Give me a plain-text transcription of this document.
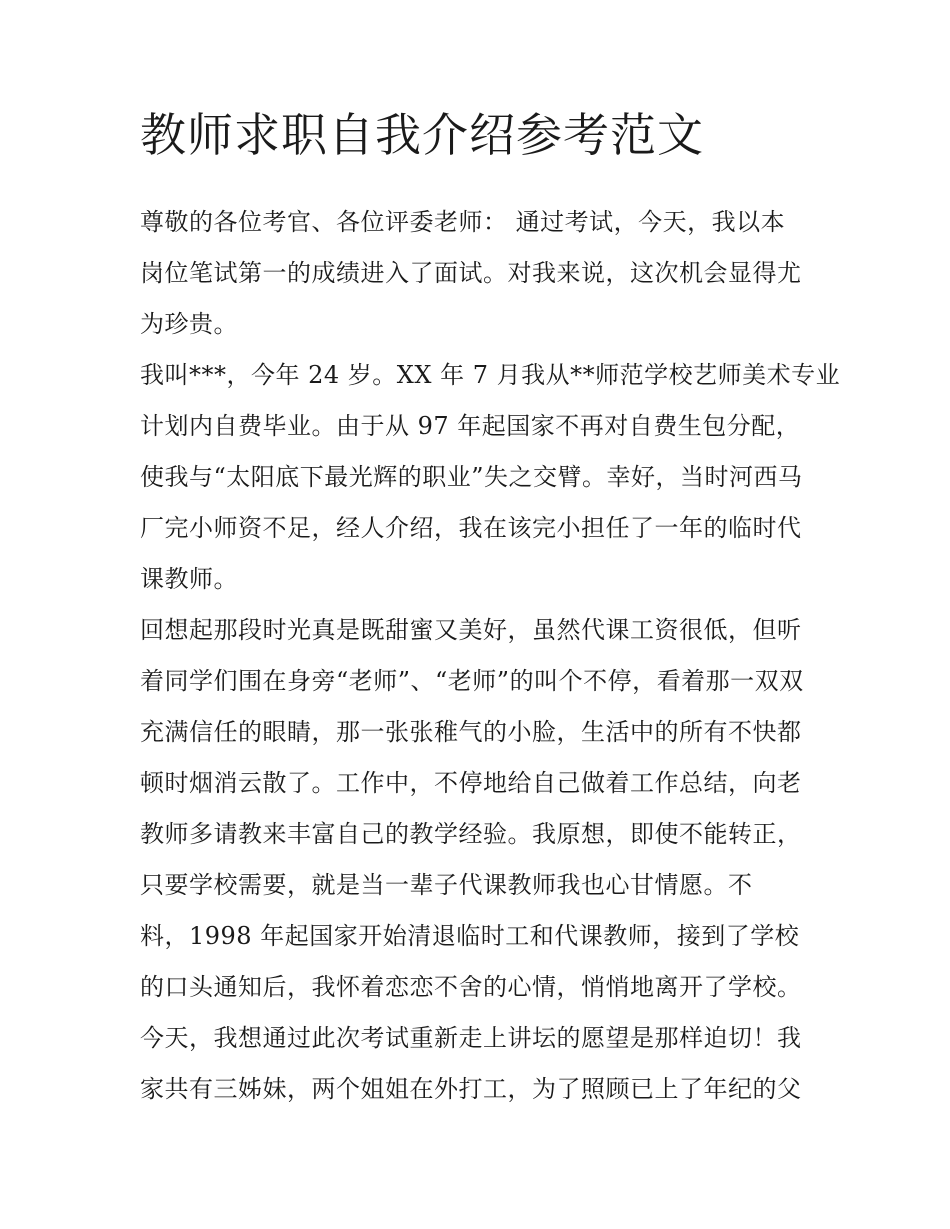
教师求职自我介绍参考范文
尊敬的各位考官、各位评委老师： 通过考试，今天，我以本
岗位笔试第一的成绩进入了面试。对我来说，这次机会显得尤
为珍贵。
我叫***，今年 24 岁。XX 年 7 月我从**师范学校艺师美术专业
计划内自费毕业。由于从 97 年起国家不再对自费生包分配，
使我与“太阳底下最光辉的职业”失之交臂。幸好，当时河西马
厂完小师资不足，经人介绍，我在该完小担任了一年的临时代
课教师。
回想起那段时光真是既甜蜜又美好，虽然代课工资很低，但听
着同学们围在身旁“老师”、“老师”的叫个不停，看着那一双双
充满信任的眼睛，那一张张稚气的小脸，生活中的所有不快都
顿时烟消云散了。工作中，不停地给自己做着工作总结，向老
教师多请教来丰富自己的教学经验。我原想，即使不能转正，
只要学校需要，就是当一辈子代课教师我也心甘情愿。不
料，1998 年起国家开始清退临时工和代课教师，接到了学校
的口头通知后，我怀着恋恋不舍的心情，悄悄地离开了学校。
今天，我想通过此次考试重新走上讲坛的愿望是那样迫切！我
家共有三姊妹，两个姐姐在外打工，为了照顾已上了年纪的父
